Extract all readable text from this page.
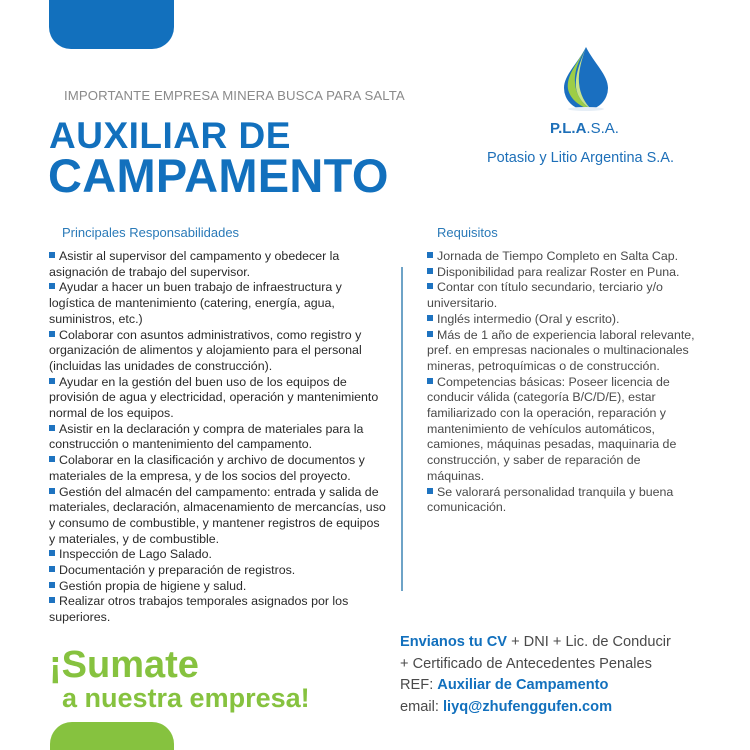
IMPORTANTE EMPRESA MINERA BUSCA PARA SALTA
AUXILIAR DE
CAMPAMENTO
P.L.A.S.A.
Potasio y Litio Argentina S.A.
Principales Responsabilidades
Asistir al supervisor del campamento y obedecer la asignación de trabajo del supervisor.
Ayudar a hacer un buen trabajo de infraestructura y logística de mantenimiento (catering, energía, agua, suministros, etc.)
Colaborar con asuntos administrativos, como registro y organización de alimentos y alojamiento para el personal (incluidas las unidades de construcción).
Ayudar en la gestión del buen uso de los equipos de provisión de agua y electricidad, operación y mantenimiento normal de los equipos.
Asistir en la declaración y compra de materiales para la construcción o mantenimiento del campamento.
Colaborar en la clasificación y archivo de documentos y materiales de la empresa, y de los socios del proyecto.
Gestión del almacén del campamento: entrada y salida de materiales, declaración, almacenamiento de mercancías, uso y consumo de combustible, y mantener registros de equipos y materiales, y de combustible.
Inspección de Lago Salado.
Documentación y preparación de registros.
Gestión propia de higiene y salud.
Realizar otros trabajos temporales asignados por los superiores.
Requisitos
Jornada de Tiempo Completo en Salta Cap.
Disponibilidad para realizar Roster en Puna.
Contar con título secundario, terciario y/o universitario.
Inglés intermedio (Oral y escrito).
Más de 1 año de experiencia laboral relevante, pref. en empresas nacionales o multinacionales mineras, petroquímicas o de construcción.
Competencias básicas: Poseer licencia de conducir válida (categoría B/C/D/E), estar familiarizado con la operación, reparación y mantenimiento de vehículos automáticos, camiones, máquinas pesadas, maquinaria de construcción, y saber de reparación de máquinas.
Se valorará personalidad tranquila y buena comunicación.
¡Sumate
a nuestra empresa!
Envianos tu CV + DNI + Lic. de Conducir
+ Certificado de Antecedentes Penales
REF: Auxiliar de Campamento
email: liyq@zhufenggufen.com
